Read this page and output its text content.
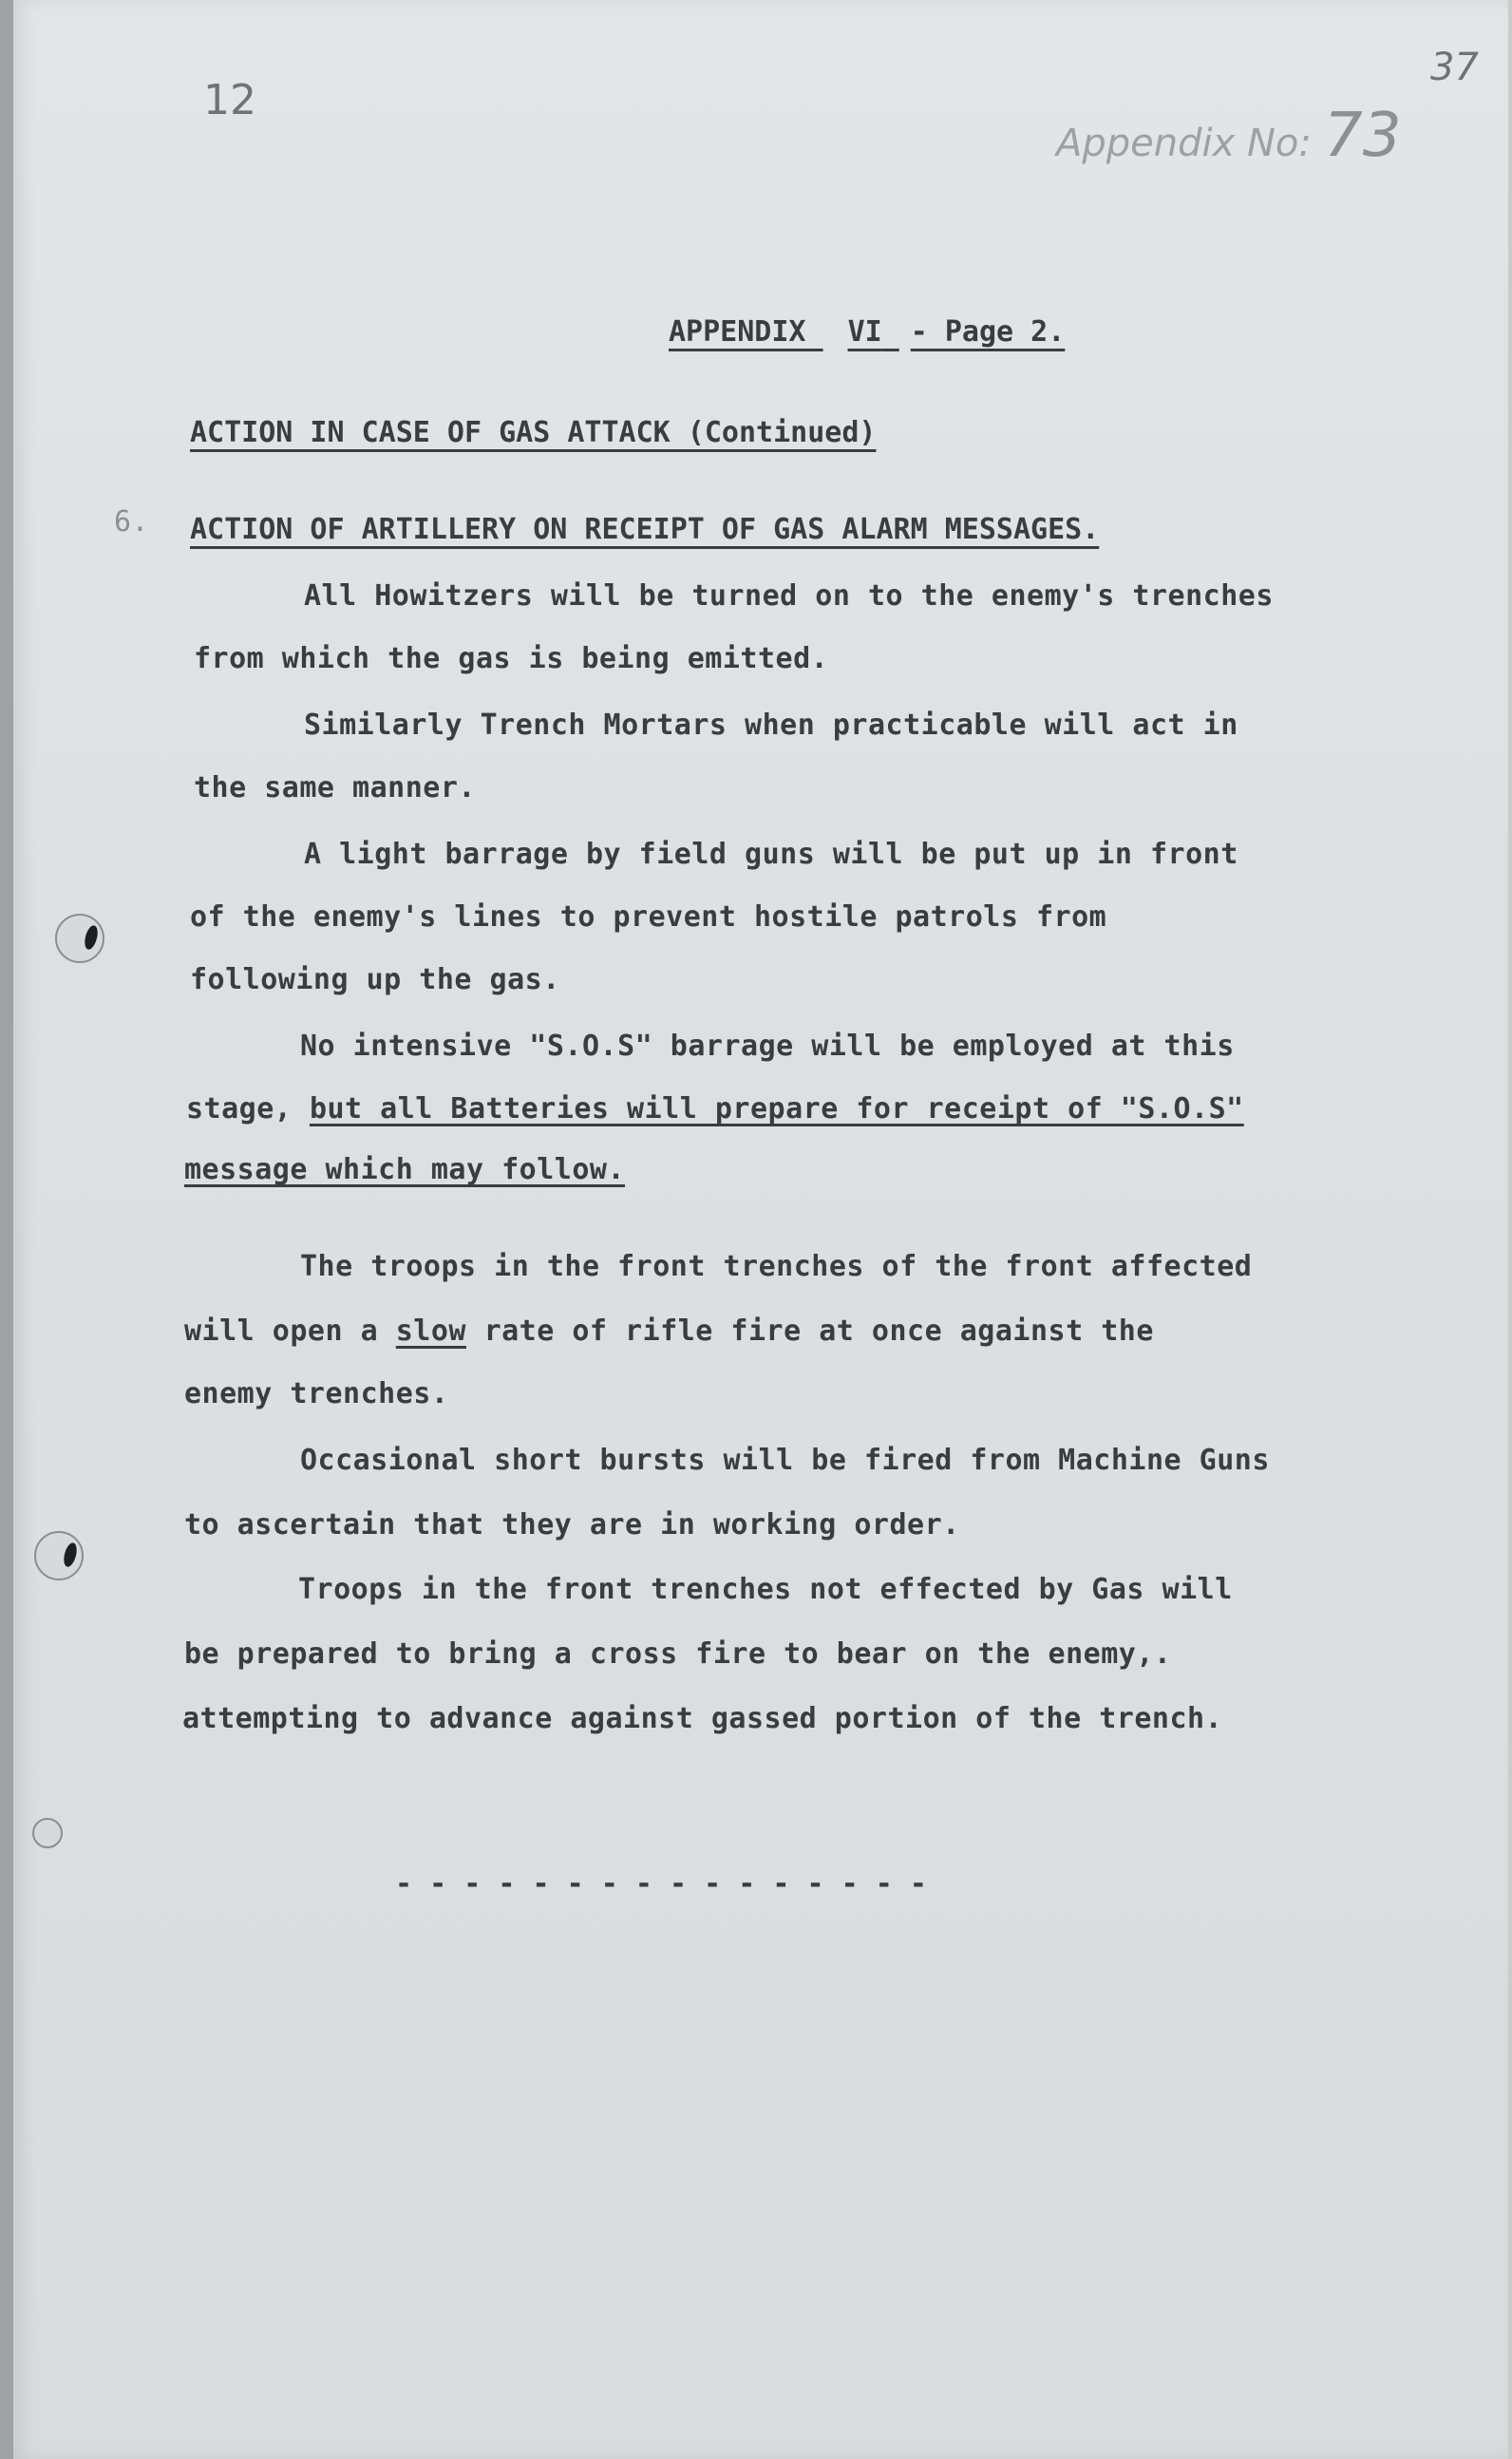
12
37
Appendix No: 73
APPENDIX VI - Page 2.
ACTION IN CASE OF GAS ATTACK (Continued)
6. ACTION OF ARTILLERY ON RECEIPT OF GAS ALARM MESSAGES.
All Howitzers will be turned on to the enemy's trenches
from which the gas is being emitted.
Similarly Trench Mortars when practicable will act in
the same manner.
A light barrage by field guns will be put up in front
of the enemy's lines to prevent hostile patrols from
following up the gas.
No intensive "S.O.S" barrage will be employed at this
stage, but all Batteries will prepare for receipt of "S.O.S"
message which may follow.
The troops in the front trenches of the front affected
will open a slow rate of rifle fire at once against the
enemy trenches.
Occasional short bursts will be fired from Machine Guns
to ascertain that they are in working order.
Troops in the front trenches not effected by Gas will
be prepared to bring a cross fire to bear on the enemy,.
attempting to advance against gassed portion of the trench.
- - - - - - - - - - - - - - - -
